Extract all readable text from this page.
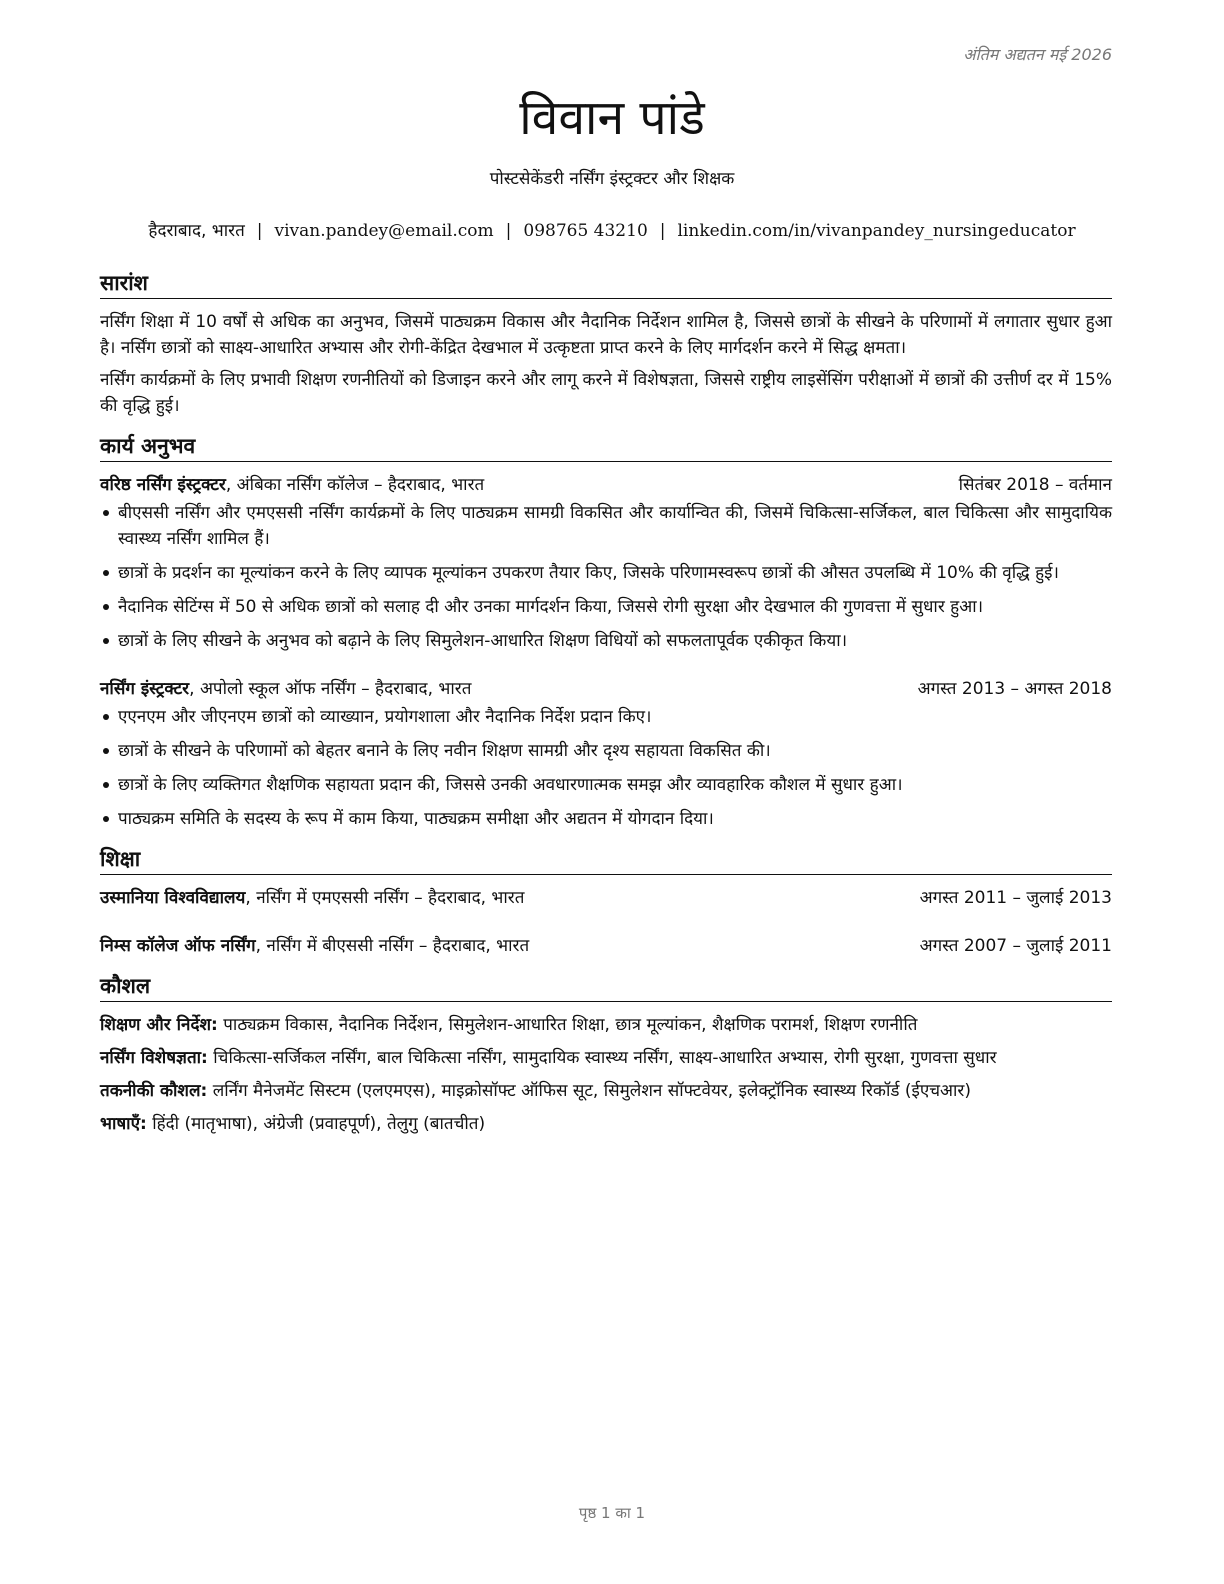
अंतिम अद्यतन मई 2026
विवान पांडे
पोस्टसेकेंडरी नर्सिंग इंस्ट्रक्टर और शिक्षक
हैदराबाद, भारत | vivan.pandey@email.com | 098765 43210 | linkedin.com/in/vivanpandey_nursingeducator
सारांश

नर्सिंग शिक्षा में 10 वर्षों से अधिक का अनुभव, जिसमें पाठ्यक्रम विकास और नैदानिक निर्देशन शामिल है, जिससे छात्रों के सीखने के परिणामों में लगातार सुधार हुआ है। नर्सिंग छात्रों को साक्ष्य-आधारित अभ्यास और रोगी-केंद्रित देखभाल में उत्कृष्टता प्राप्त करने के लिए मार्गदर्शन करने में सिद्ध क्षमता।

नर्सिंग कार्यक्रमों के लिए प्रभावी शिक्षण रणनीतियों को डिजाइन करने और लागू करने में विशेषज्ञता, जिससे राष्ट्रीय लाइसेंसिंग परीक्षाओं में छात्रों की उत्तीर्ण दर में 15% की वृद्धि हुई।

कार्य अनुभव
वरिष्ठ नर्सिंग इंस्ट्रक्टर, अंबिका नर्सिंग कॉलेज – हैदराबाद, भारत	सितंबर 2018 – वर्तमान
बीएससी नर्सिंग और एमएससी नर्सिंग कार्यक्रमों के लिए पाठ्यक्रम सामग्री विकसित और कार्यान्वित की, जिसमें चिकित्सा-सर्जिकल, बाल चिकित्सा और सामुदायिक स्वास्थ्य नर्सिंग शामिल हैं।
छात्रों के प्रदर्शन का मूल्यांकन करने के लिए व्यापक मूल्यांकन उपकरण तैयार किए, जिसके परिणामस्वरूप छात्रों की औसत उपलब्धि में 10% की वृद्धि हुई।
नैदानिक सेटिंग्स में 50 से अधिक छात्रों को सलाह दी और उनका मार्गदर्शन किया, जिससे रोगी सुरक्षा और देखभाल की गुणवत्ता में सुधार हुआ।
छात्रों के लिए सीखने के अनुभव को बढ़ाने के लिए सिमुलेशन-आधारित शिक्षण विधियों को सफलतापूर्वक एकीकृत किया।
नर्सिंग इंस्ट्रक्टर, अपोलो स्कूल ऑफ नर्सिंग – हैदराबाद, भारत	अगस्त 2013 – अगस्त 2018
एएनएम और जीएनएम छात्रों को व्याख्यान, प्रयोगशाला और नैदानिक निर्देश प्रदान किए।
छात्रों के सीखने के परिणामों को बेहतर बनाने के लिए नवीन शिक्षण सामग्री और दृश्य सहायता विकसित की।
छात्रों के लिए व्यक्तिगत शैक्षणिक सहायता प्रदान की, जिससे उनकी अवधारणात्मक समझ और व्यावहारिक कौशल में सुधार हुआ।
पाठ्यक्रम समिति के सदस्य के रूप में काम किया, पाठ्यक्रम समीक्षा और अद्यतन में योगदान दिया।
शिक्षा
उस्मानिया विश्वविद्यालय, नर्सिंग में एमएससी नर्सिंग – हैदराबाद, भारत	अगस्त 2011 – जुलाई 2013
निम्स कॉलेज ऑफ नर्सिंग, नर्सिंग में बीएससी नर्सिंग – हैदराबाद, भारत	अगस्त 2007 – जुलाई 2011
कौशल
शिक्षण और निर्देश: पाठ्यक्रम विकास, नैदानिक निर्देशन, सिमुलेशन-आधारित शिक्षा, छात्र मूल्यांकन, शैक्षणिक परामर्श, शिक्षण रणनीति
नर्सिंग विशेषज्ञता: चिकित्सा-सर्जिकल नर्सिंग, बाल चिकित्सा नर्सिंग, सामुदायिक स्वास्थ्य नर्सिंग, साक्ष्य-आधारित अभ्यास, रोगी सुरक्षा, गुणवत्ता सुधार
तकनीकी कौशल: लर्निंग मैनेजमेंट सिस्टम (एलएमएस), माइक्रोसॉफ्ट ऑफिस सूट, सिमुलेशन सॉफ्टवेयर, इलेक्ट्रॉनिक स्वास्थ्य रिकॉर्ड (ईएचआर)
भाषाएँ: हिंदी (मातृभाषा), अंग्रेजी (प्रवाहपूर्ण), तेलुगु (बातचीत)
पृष्ठ 1 का 1
